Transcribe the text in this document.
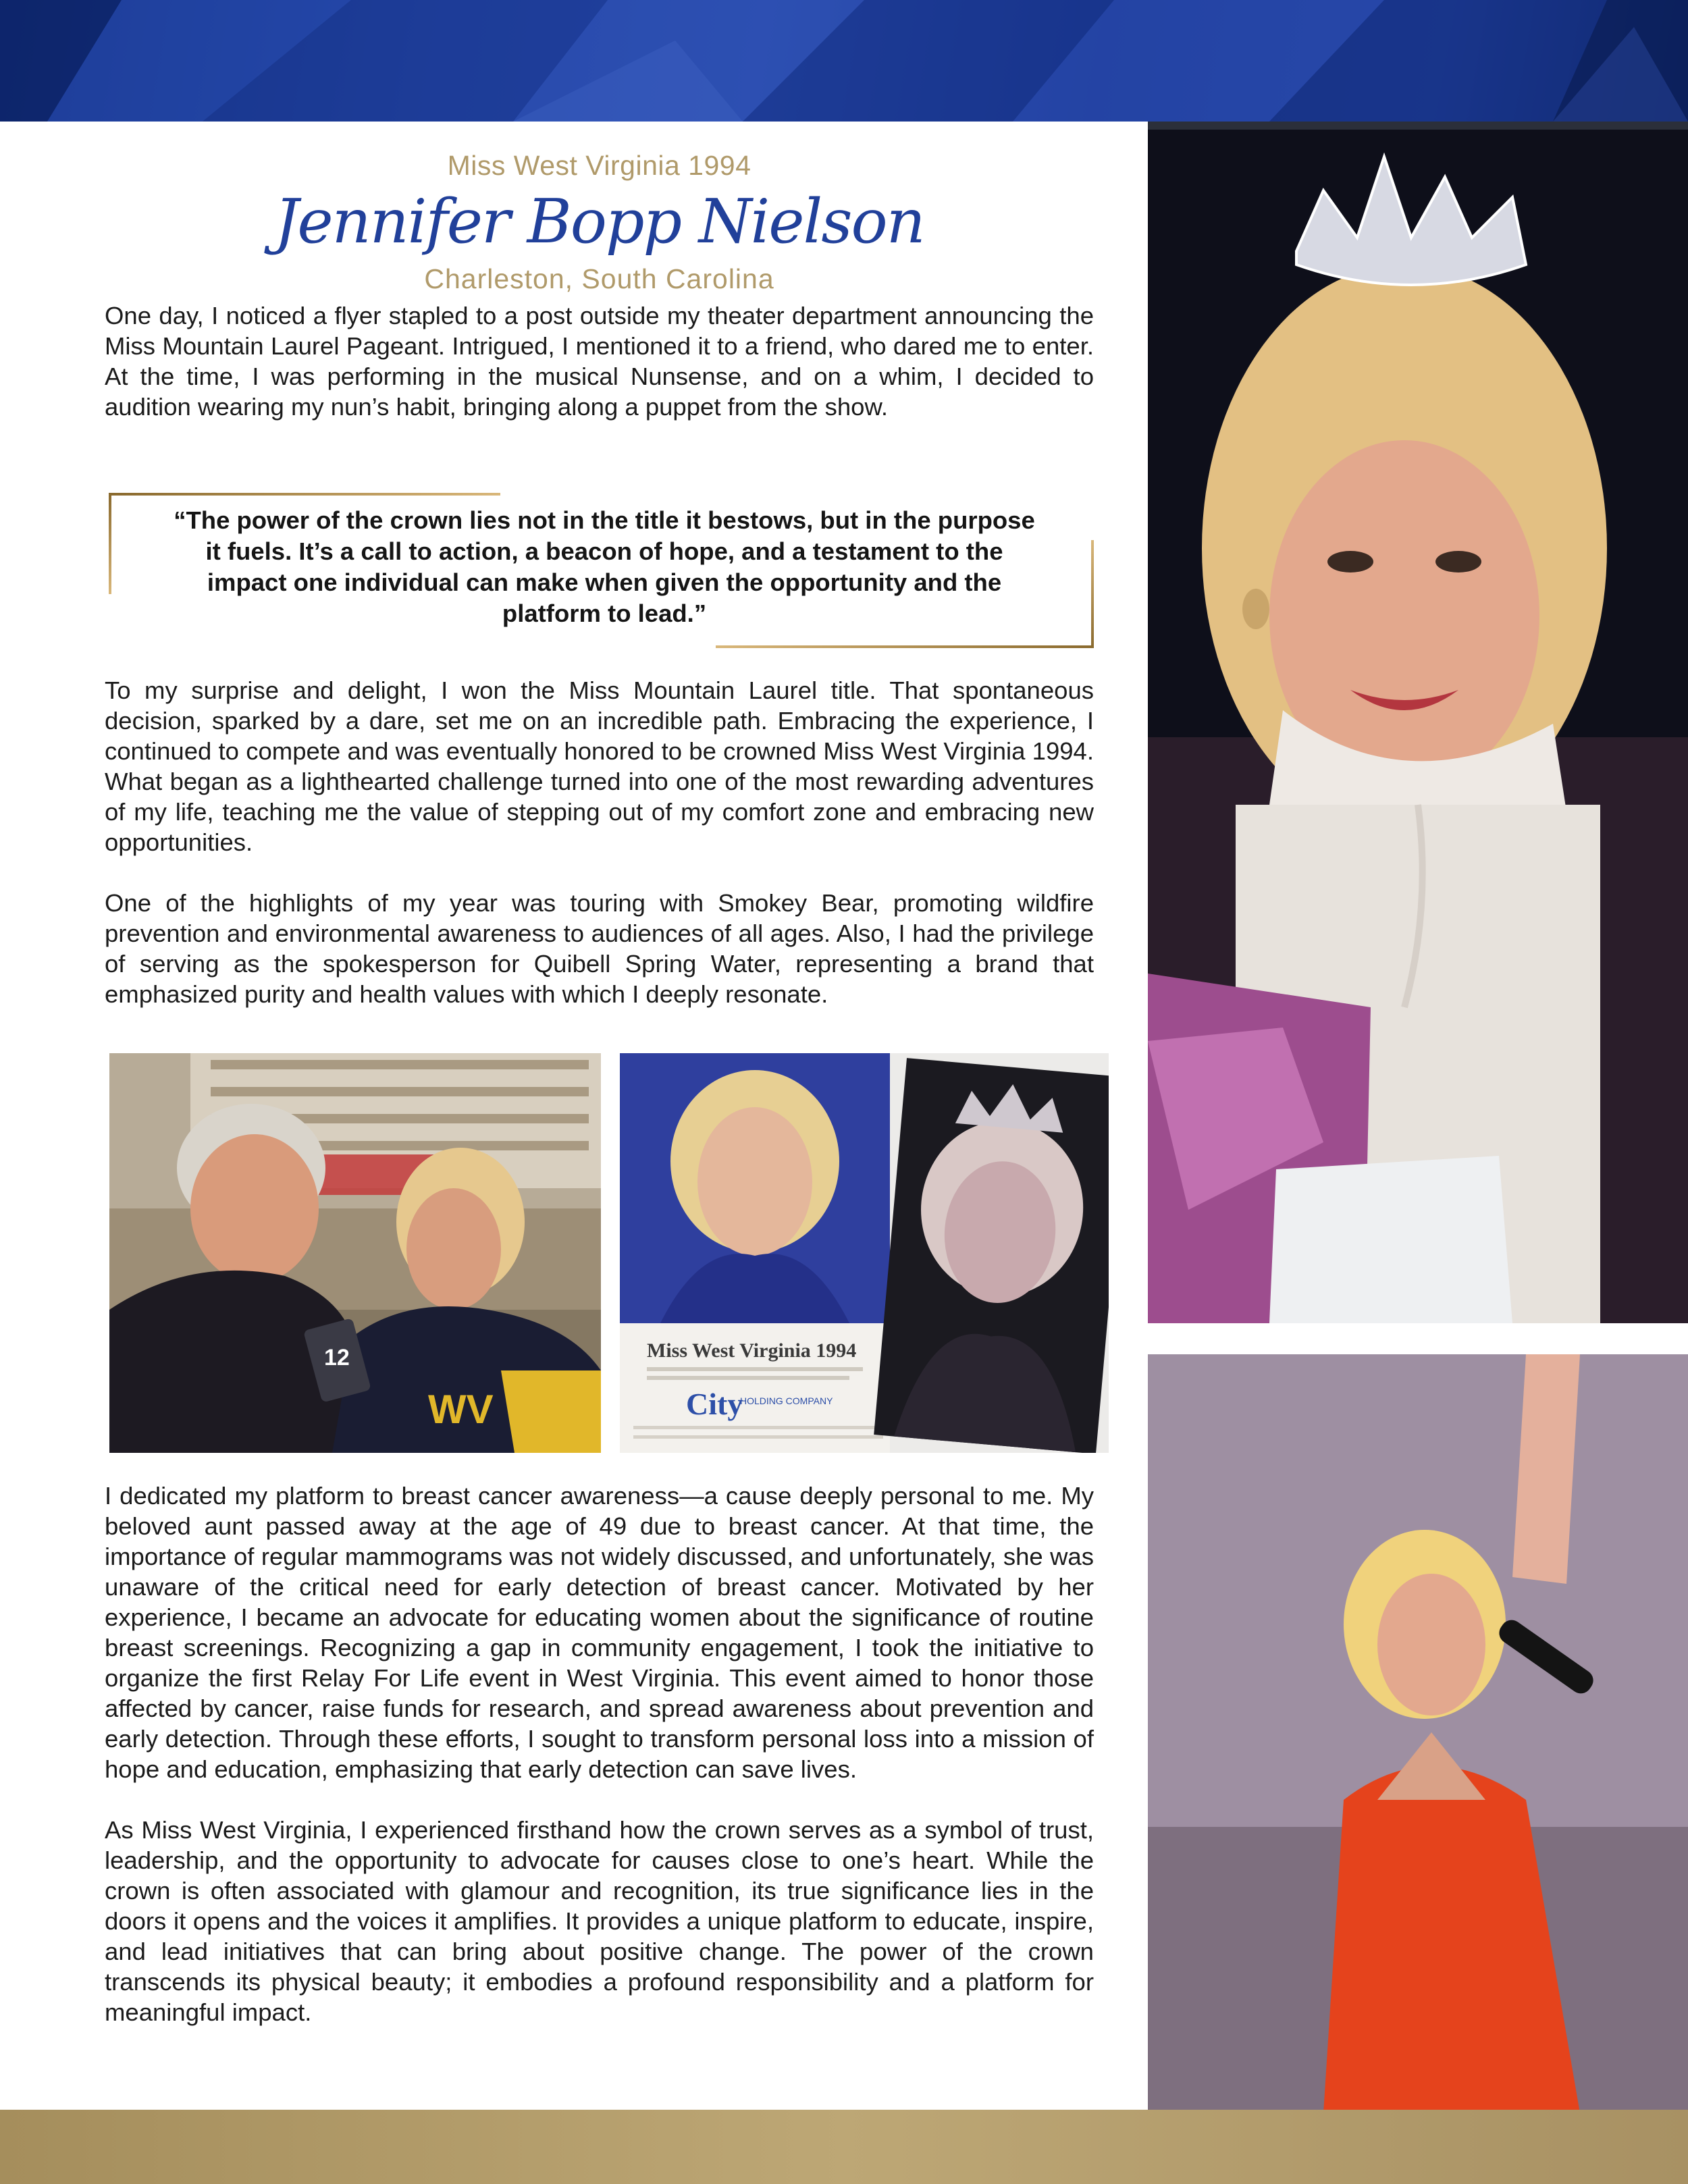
Miss West Virginia 1994

Jennifer Bopp Nielson

Charleston, South Carolina

One day, I noticed a flyer stapled to a post outside my theater department announcing the Miss Mountain Laurel Pageant. Intrigued, I mentioned it to a friend, who dared me to enter. At the time, I was performing in the musical Nunsense, and on a whim, I decided to audition wearing my nun’s habit, bringing along a puppet from the show.

“The power of the crown lies not in the title it bestows, but in the purpose it fuels. It’s a call to action, a beacon of hope, and a testament to the impact one individual can make when given the opportunity and the platform to lead.”

To my surprise and delight, I won the Miss Mountain Laurel title. That spontaneous decision, sparked by a dare, set me on an incredible path. Embracing the experience, I continued to compete and was eventually honored to be crowned Miss West Virginia 1994. What began as a lighthearted challenge turned into one of the most rewarding adventures of my life, teaching me the value of stepping out of my comfort zone and embracing new opportunities.

One of the highlights of my year was touring with Smokey Bear, promoting wildfire prevention and environmental awareness to audiences of all ages. Also, I had the privilege of serving as the spokesperson for Quibell Spring Water, representing a brand that emphasized purity and health values with which I deeply resonate.

12
WV
Miss West Virginia 1994
City
HOLDING COMPANY

I dedicated my platform to breast cancer awareness—a cause deeply personal to me. My beloved aunt passed away at the age of 49 due to breast cancer. At that time, the importance of regular mammograms was not widely discussed, and unfortunately, she was unaware of the critical need for early detection of breast cancer. Motivated by her experience, I became an advocate for educating women about the significance of routine breast screenings. Recognizing a gap in community engagement, I took the initiative to organize the first Relay For Life event in West Virginia. This event aimed to honor those affected by cancer, raise funds for research, and spread awareness about prevention and early detection. Through these efforts, I sought to transform personal loss into a mission of hope and education, emphasizing that early detection can save lives.

As Miss West Virginia, I experienced firsthand how the crown serves as a symbol of trust, leadership, and the opportunity to advocate for causes close to one’s heart. While the crown is often associated with glamour and recognition, its true significance lies in the doors it opens and the voices it amplifies. It provides a unique platform to educate, inspire, and lead initiatives that can bring about positive change. The power of the crown transcends its physical beauty; it embodies a profound responsibility and a platform for meaningful impact.
